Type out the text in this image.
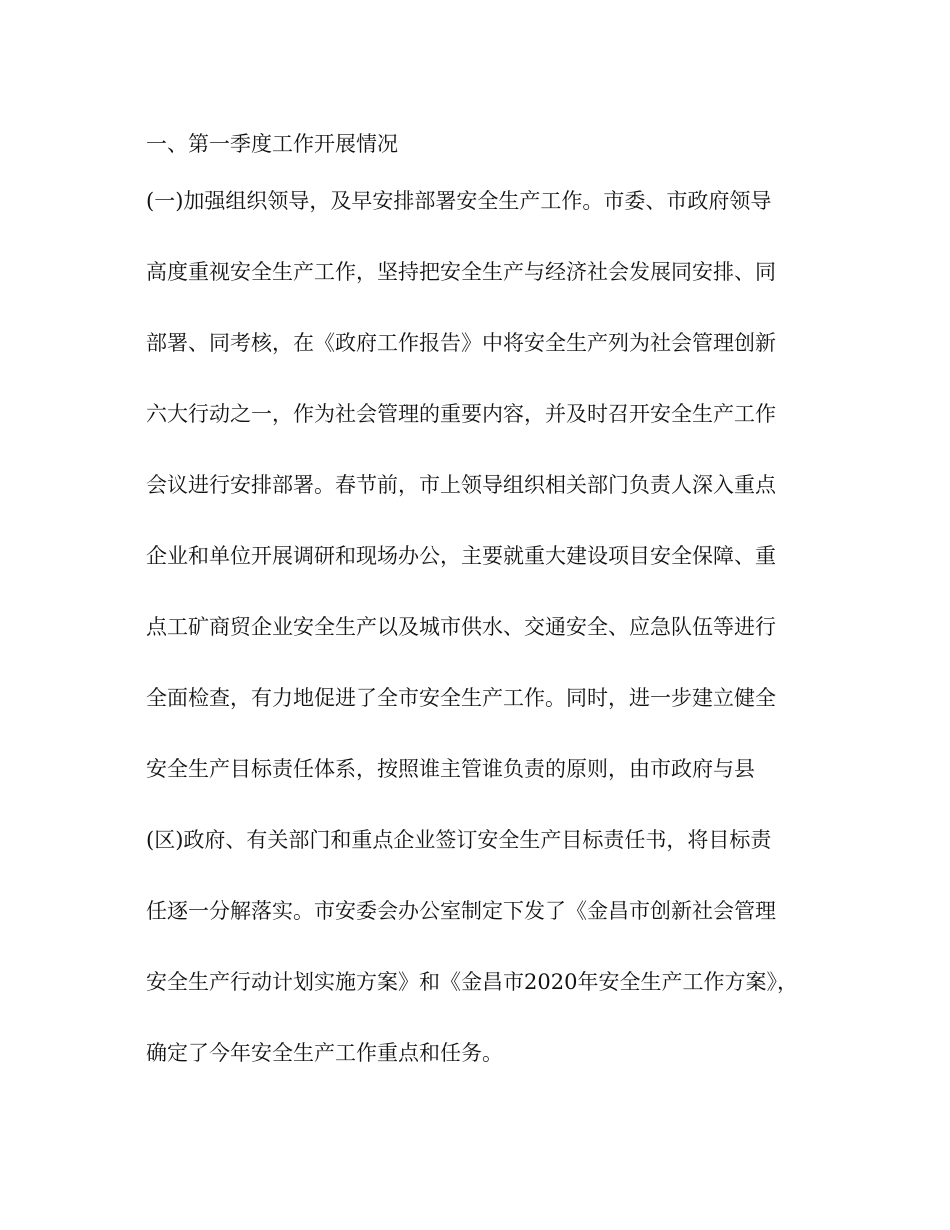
一、第一季度工作开展情况
(一)加强组织领导，及早安排部署安全生产工作。市委、市政府领导
高度重视安全生产工作，坚持把安全生产与经济社会发展同安排、同
部署、同考核，在《政府工作报告》中将安全生产列为社会管理创新
六大行动之一，作为社会管理的重要内容，并及时召开安全生产工作
会议进行安排部署。春节前，市上领导组织相关部门负责人深入重点
企业和单位开展调研和现场办公，主要就重大建设项目安全保障、重
点工矿商贸企业安全生产以及城市供水、交通安全、应急队伍等进行
全面检查，有力地促进了全市安全生产工作。同时，进一步建立健全
安全生产目标责任体系，按照谁主管谁负责的原则，由市政府与县
(区)政府、有关部门和重点企业签订安全生产目标责任书，将目标责
任逐一分解落实。市安委会办公室制定下发了《金昌市创新社会管理
安全生产行动计划实施方案》和《金昌市2020年安全生产工作方案》，
确定了今年安全生产工作重点和任务。
